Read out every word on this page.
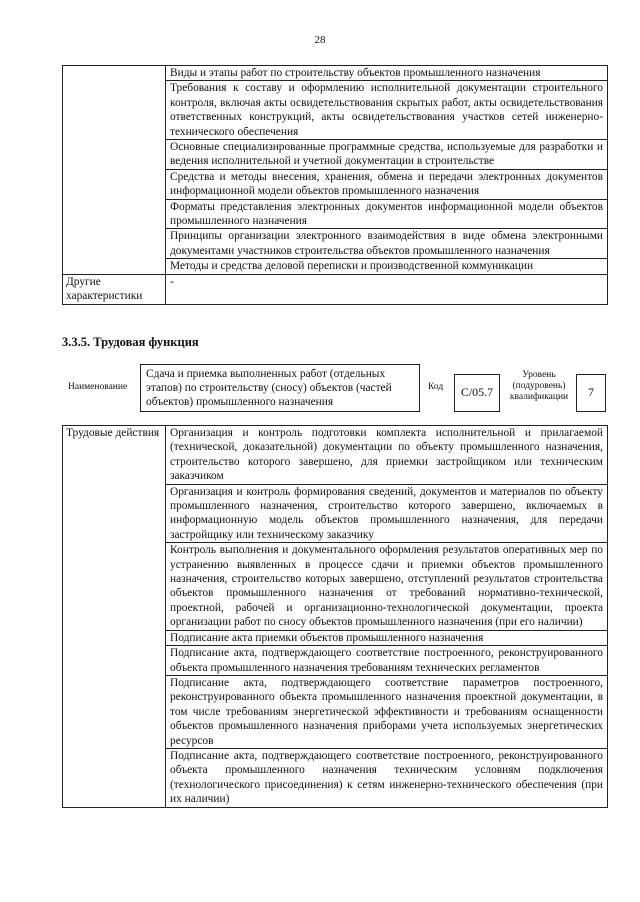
28
	Виды и этапы работ по строительству объектов промышленного назначения
	Требования к составу и оформлению исполнительной документации строительного контроля, включая акты освидетельствования скрытых работ, акты освидетельствования ответственных конструкций, акты освидетельствования участков сетей инженерно-технического обеспечения
	Основные специализированные программные средства, используемые для разработки и ведения исполнительной и учетной документации в строительстве
	Средства и методы внесения, хранения, обмена и передачи электронных документов информационной модели объектов промышленного назначения
	Форматы представления электронных документов информационной модели объектов промышленного назначения
	Принципы организации электронного взаимодействия в виде обмена электронными документами участников строительства объектов промышленного назначения
	Методы и средства деловой переписки и производственной коммуникации
Другие характеристики	-
3.3.5. Трудовая функция
Наименование
Сдача и приемка выполненных работ (отдельных этапов) по строительству (сносу) объектов (частей объектов) промышленного назначения
Код	C/05.7
Уровень (подуровень) квалификации	7
Трудовые действия	Организация и контроль подготовки комплекта исполнительной и прилагаемой (технической, доказательной) документации по объекту промышленного назначения, строительство которого завершено, для приемки застройщиком или техническим заказчиком
Организация и контроль формирования сведений, документов и материалов по объекту промышленного назначения, строительство которого завершено, включаемых в информационную модель объектов промышленного назначения, для передачи застройщику или техническому заказчику
Контроль выполнения и документального оформления результатов оперативных мер по устранению выявленных в процессе сдачи и приемки объектов промышленного назначения, строительство которых завершено, отступлений результатов строительства объектов промышленного назначения от требований нормативно-технической, проектной, рабочей и организационно-технологической документации, проекта организации работ по сносу объектов промышленного назначения (при его наличии)
Подписание акта приемки объектов промышленного назначения
Подписание акта, подтверждающего соответствие построенного, реконструированного объекта промышленного назначения требованиям технических регламентов
Подписание акта, подтверждающего соответствие параметров построенного, реконструированного объекта промышленного назначения проектной документации, в том числе требованиям энергетической эффективности и требованиям оснащенности объектов промышленного назначения приборами учета используемых энергетических ресурсов
Подписание акта, подтверждающего соответствие построенного, реконструированного объекта промышленного назначения техническим условиям подключения (технологического присоединения) к сетям инженерно-технического обеспечения (при их наличии)
